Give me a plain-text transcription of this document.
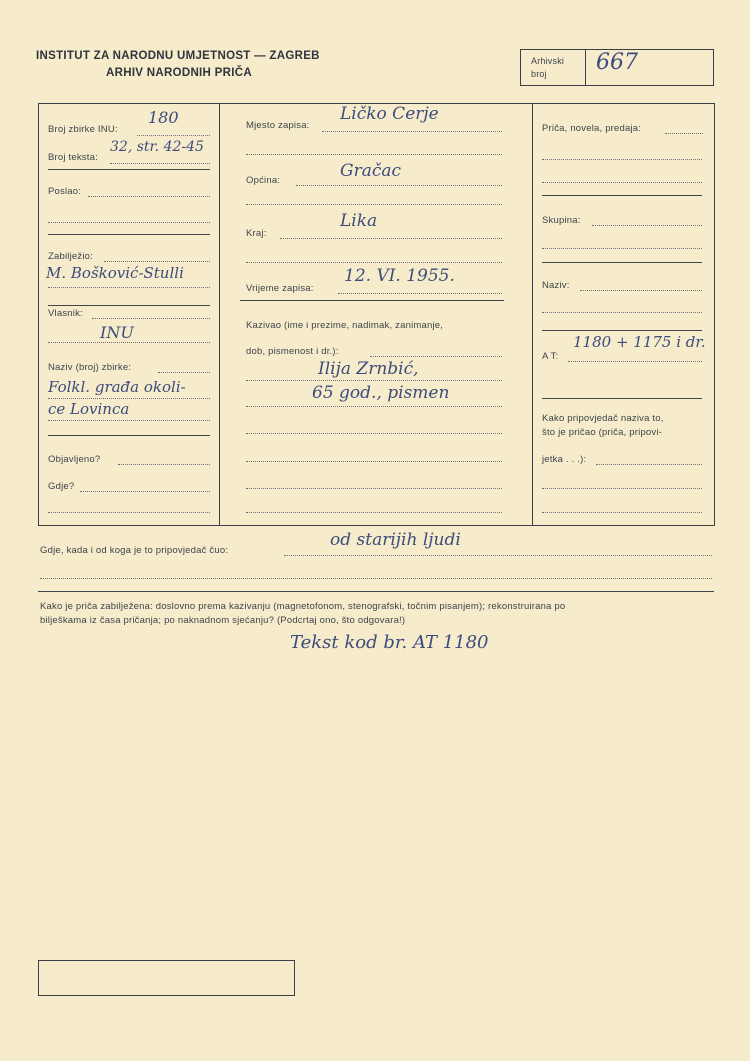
INSTITUT ZA NARODNU UMJETNOST — ZAGREB
ARHIV NARODNIH PRIČA
Arhivski
broj 667
Broj zbirke INU:
180
Broj teksta:
32, str. 42-45
Poslao:
Zabilježio:
M. Bošković-Stulli
Vlasnik:
INU
Naziv (broj) zbirke:
Folkl. građa okoli-
ce Lovinca
Objavljeno?
Gdje?
Mjesto zapisa:
Ličko Cerje
Općina:	Gračac
Kraj:
Lika
Vrijeme zapisa:
12. VI. 1955.
Kazivao (ime i prezime, nadimak, zanimanje,
dob, pismenost i dr.):
Ilija Zrnbić,
65 god., pismen
Priča, novela, predaja:
Skupina:
Naziv:
A T:
1180 + 1175 i dr.
Kako pripovjedač naziva to,
što je pričao (priča, pripovi-
jetka . . .):
Gdje, kada i od koga je to pripovjedač čuo:
od starijih ljudi
Kako je priča zabilježena: doslovno prema kazivanju (magnetofonom, stenografski, točnim pisanjem); rekonstruirana po
bilješkama iz časa pričanja; po naknadnom sjećanju? (Podcrtaj ono, što odgovara!)
Tekst kod br. AT 1180
